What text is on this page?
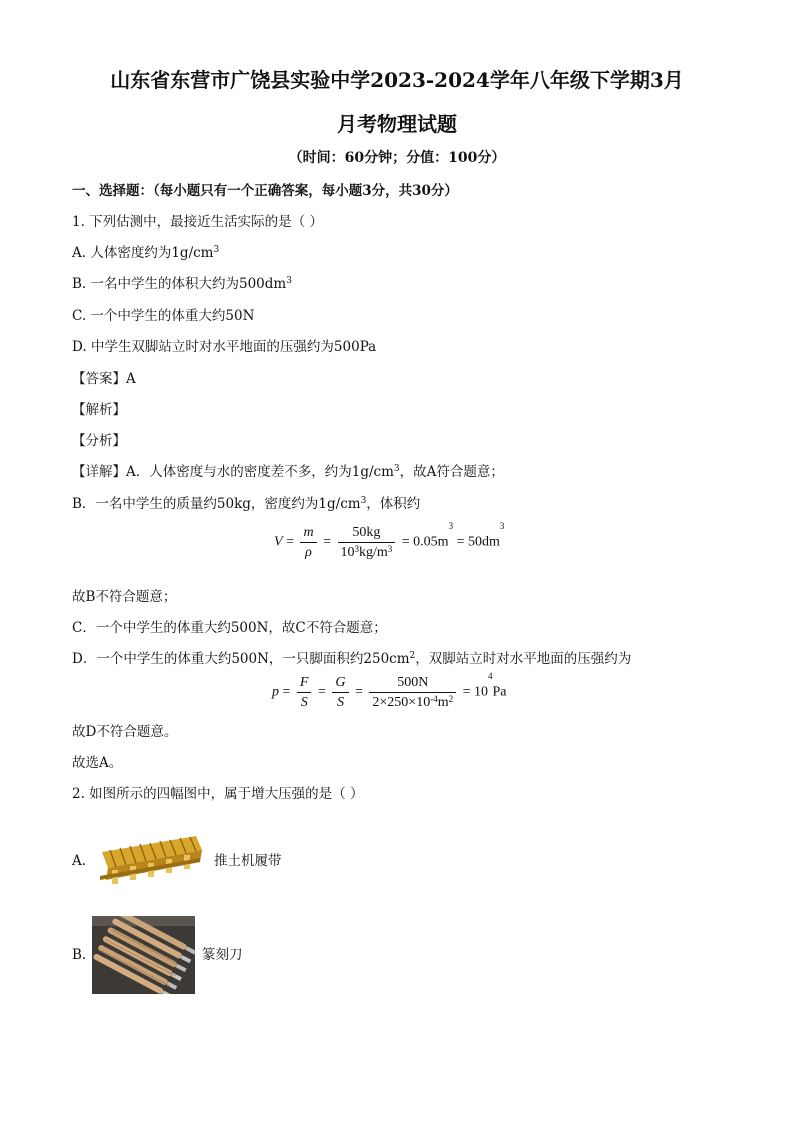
山东省东营市广饶县实验中学2023-2024学年八年级下学期3月
月考物理试题
（时间：60分钟；分值：100分）
一、选择题：（每小题只有一个正确答案，每小题3分，共30分）
1. 下列估测中，最接近生活实际的是（ ）
A. 人体密度约为$1g/cm^3$
B. 一名中学生的体积大约为$500dm^3$
C. 一个中学生的体重大约50N
D. 中学生双脚站立时对水平地面的压强约为500Pa
【答案】A
【解析】
【分析】
【详解】A．人体密度与水的密度差不多，约为$1g/cm^3$，故A符合题意；
B．一名中学生的质量约50kg，密度约为$1g/cm^3$，体积约
$V = \frac{m}{\rho} = \frac{50kg}{10^3kg/m^3} = 0.05m^3 = 50dm^3$
故B不符合题意；
C．一个中学生的体重大约500N，故C不符合题意；
D．一个中学生的体重大约500N，一只脚面积约$250cm^2$，双脚站立时对水平地面的压强约为
$p = \frac{F}{S} = \frac{G}{S} = \frac{500N}{2\times 250\times 10^{-4}m^2} = 10^4Pa$
故D不符合题意。
故选A。
2. 如图所示的四幅图中，属于增大压强的是（ ）
A.	推土机履带
B.	篆刻刀
